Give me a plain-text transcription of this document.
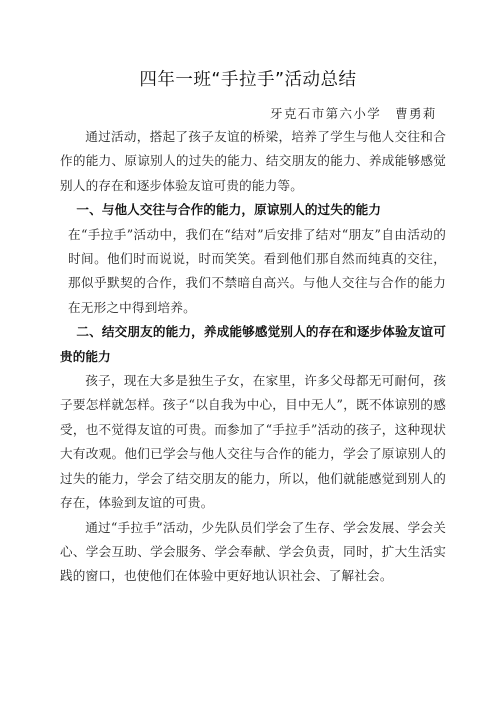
四年一班“手拉手”活动总结
牙克石市第六小学　曹勇莉

通过活动，搭起了孩子友谊的桥梁，培养了学生与他人交往和合作的能力、原谅别人的过失的能力、结交朋友的能力、养成能够感觉别人的存在和逐步体验友谊可贵的能力等。

一、与他人交往与合作的能力，原谅别人的过失的能力

在“手拉手”活动中，我们在“结对”后安排了结对“朋友”自由活动的时间。他们时而说说，时而笑笑。看到他们那自然而纯真的交往，那似乎默契的合作，我们不禁暗自高兴。与他人交往与合作的能力在无形之中得到培养。

二、结交朋友的能力，养成能够感觉别人的存在和逐步体验友谊可贵的能力

孩子，现在大多是独生子女，在家里，许多父母都无可耐何，孩子要怎样就怎样。孩子“以自我为中心，目中无人”，既不体谅别的感受，也不觉得友谊的可贵。而参加了“手拉手”活动的孩子，这种现状大有改观。他们已学会与他人交往与合作的能力，学会了原谅别人的过失的能力，学会了结交朋友的能力，所以，他们就能感觉到别人的存在，体验到友谊的可贵。

通过“手拉手”活动，少先队员们学会了生存、学会发展、学会关心、学会互助、学会服务、学会奉献、学会负责，同时，扩大生活实践的窗口，也使他们在体验中更好地认识社会、了解社会。
